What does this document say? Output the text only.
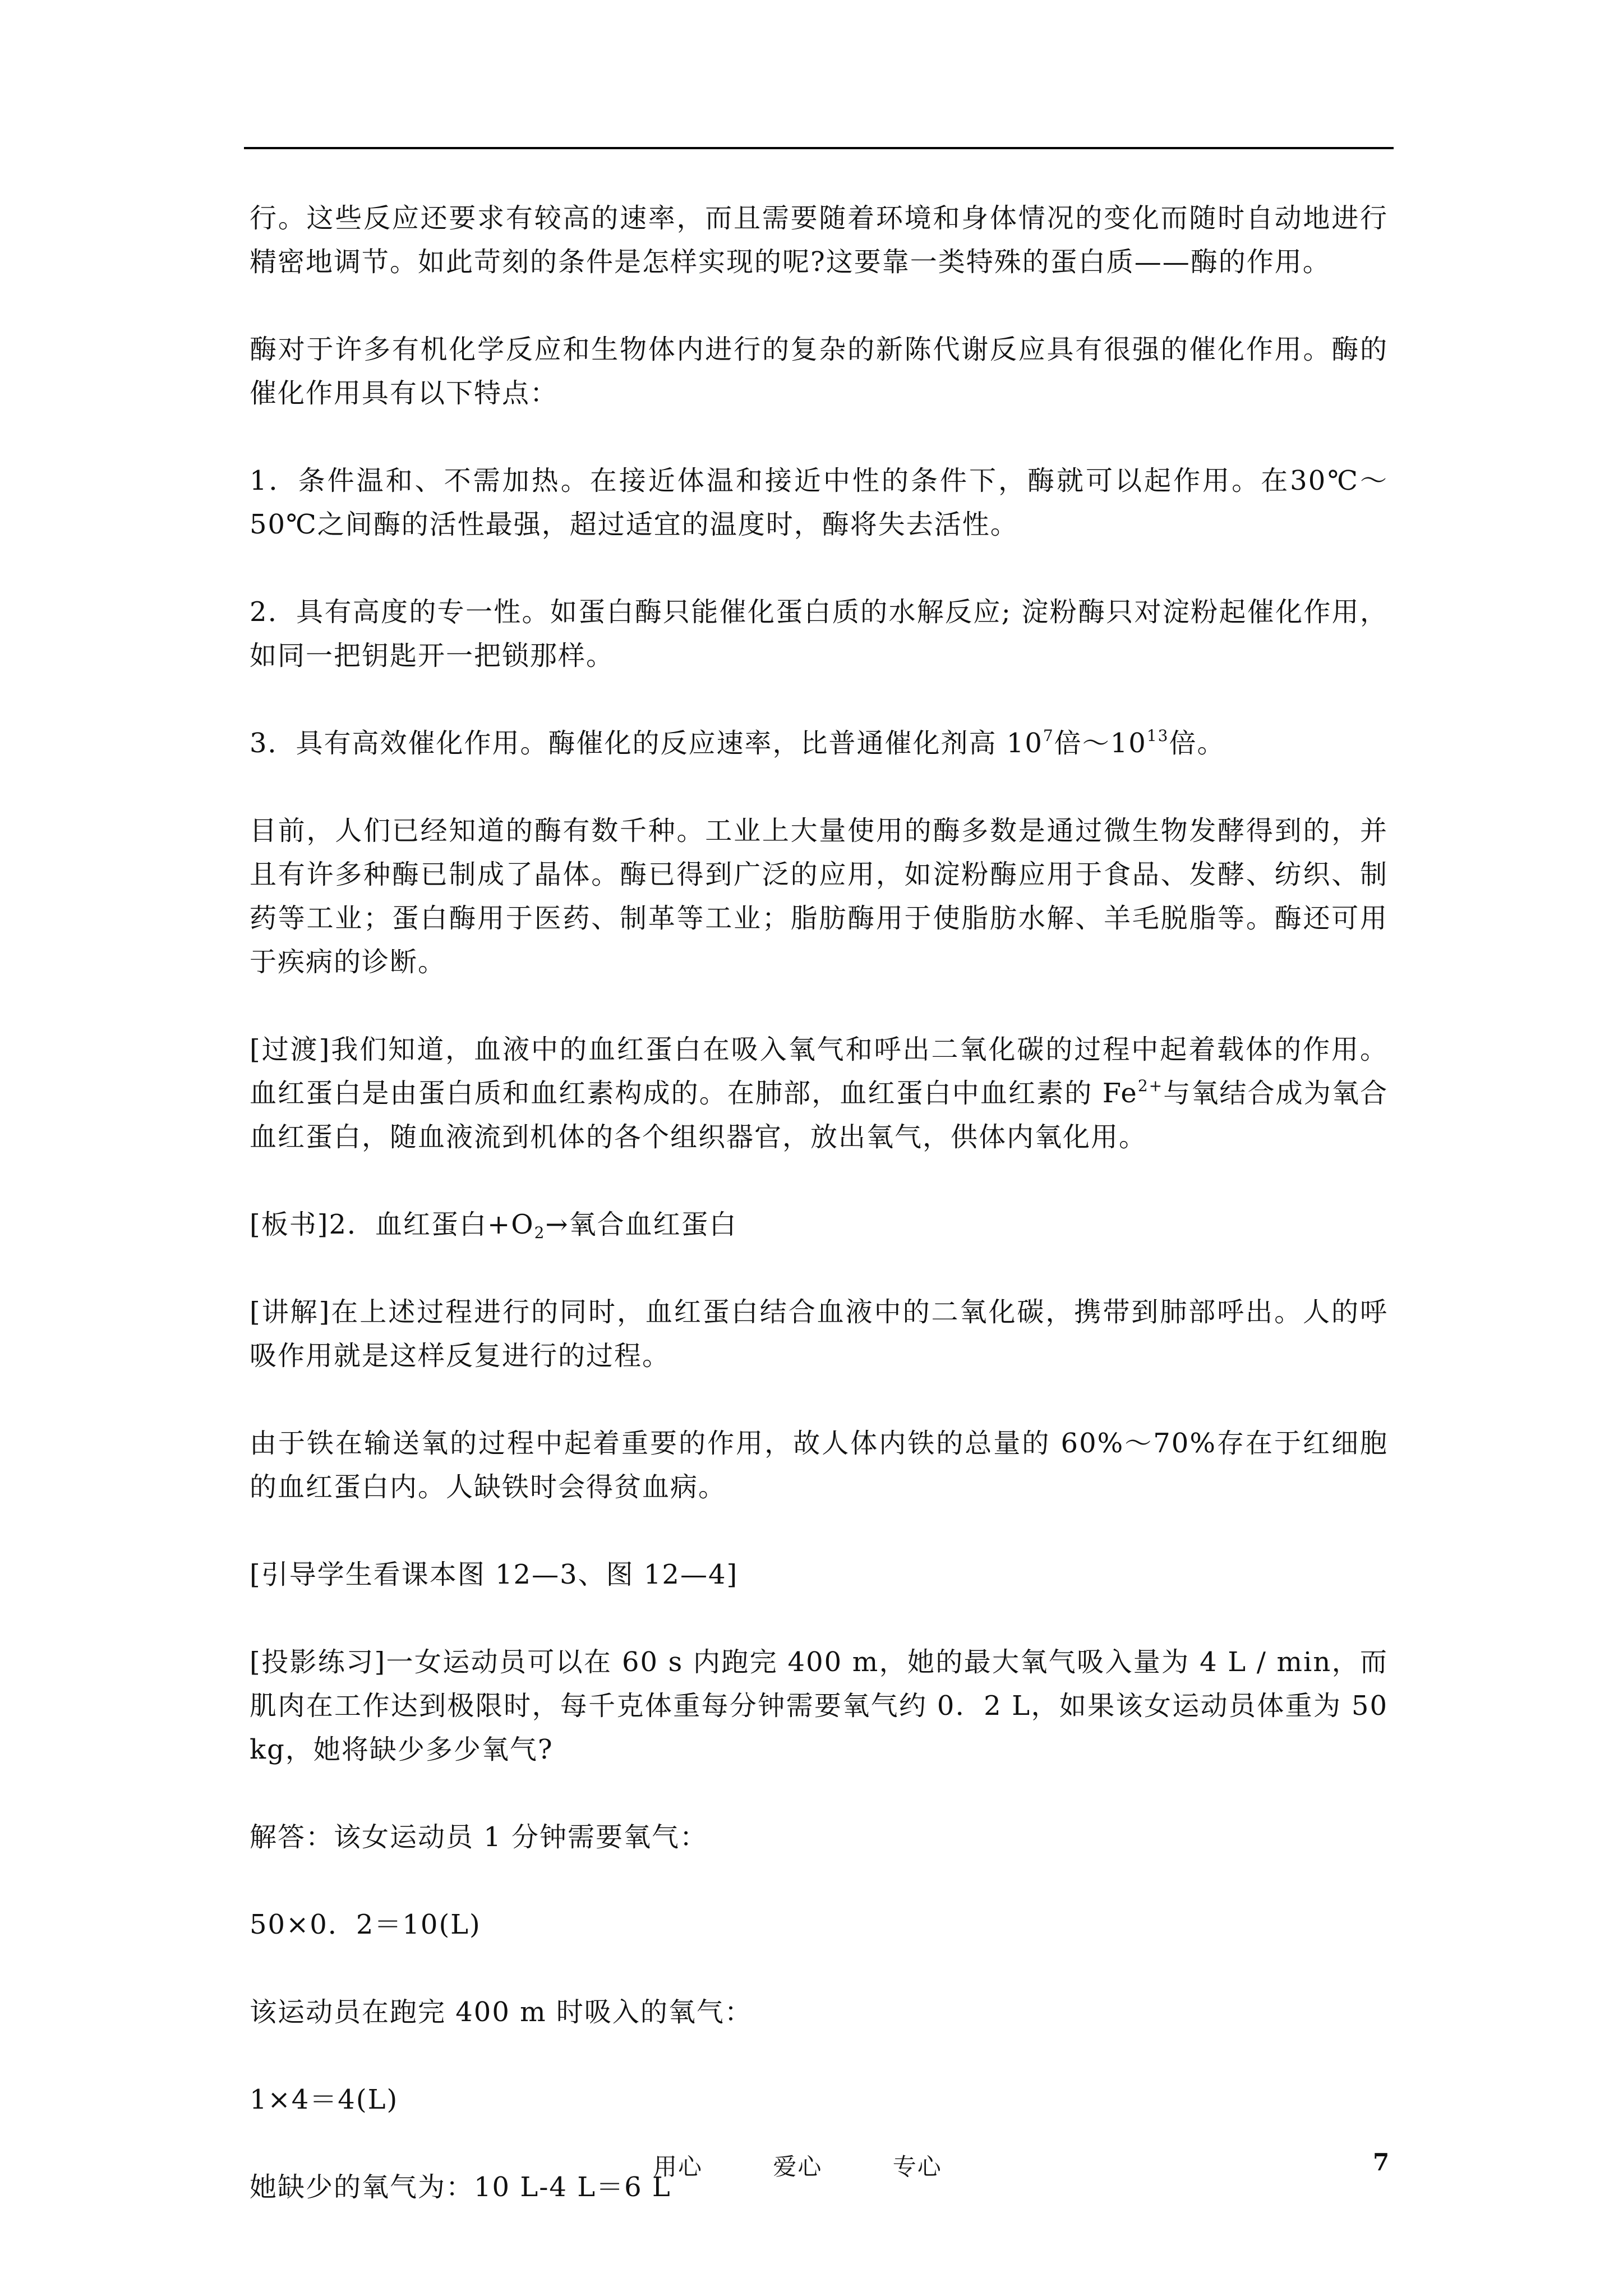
行。这些反应还要求有较高的速率，而且需要随着环境和身体情况的变化而随时自动地进行精密地调节。如此苛刻的条件是怎样实现的呢?这要靠一类特殊的蛋白质——酶的作用。

酶对于许多有机化学反应和生物体内进行的复杂的新陈代谢反应具有很强的催化作用。酶的催化作用具有以下特点：

1．条件温和、不需加热。在接近体温和接近中性的条件下，酶就可以起作用。在30℃～50℃之间酶的活性最强，超过适宜的温度时，酶将失去活性。

2．具有高度的专一性。如蛋白酶只能催化蛋白质的水解反应; 淀粉酶只对淀粉起催化作用，如同一把钥匙开一把锁那样。

3．具有高效催化作用。酶催化的反应速率，比普通催化剂高 $10^7$倍$\sim 10^{13}$倍。

目前，人们已经知道的酶有数千种。工业上大量使用的酶多数是通过微生物发酵得到的，并且有许多种酶已制成了晶体。酶已得到广泛的应用，如淀粉酶应用于食品、发酵、纺织、制药等工业；蛋白酶用于医药、制革等工业；脂肪酶用于使脂肪水解、羊毛脱脂等。酶还可用于疾病的诊断。

[过渡]我们知道，血液中的血红蛋白在吸入氧气和呼出二氧化碳的过程中起着载体的作用。血红蛋白是由蛋白质和血红素构成的。在肺部，血红蛋白中血红素的 $Fe^{2+}$与氧结合成为氧合血红蛋白，随血液流到机体的各个组织器官，放出氧气，供体内氧化用。

[板书]2．血红蛋白$+O_2\to$氧合血红蛋白

[讲解]在上述过程进行的同时，血红蛋白结合血液中的二氧化碳，携带到肺部呼出。人的呼吸作用就是这样反复进行的过程。

由于铁在输送氧的过程中起着重要的作用，故人体内铁的总量的 60%～70%存在于红细胞的血红蛋白内。人缺铁时会得贫血病。

[引导学生看课本图 12—3、图 12—4]

[投影练习]一女运动员可以在 60 s 内跑完 400 m，她的最大氧气吸入量为 4 L / min，而肌肉在工作达到极限时，每千克体重每分钟需要氧气约 0．2 L，如果该女运动员体重为 50 kg，她将缺少多少氧气?

解答：该女运动员 1 分钟需要氧气：

50×0．2＝10(L)

该运动员在跑完 400 m 时吸入的氧气：

1×4＝4(L)

她缺少的氧气为：10 L-4 L＝6 L

用心	爱心	专心	7
